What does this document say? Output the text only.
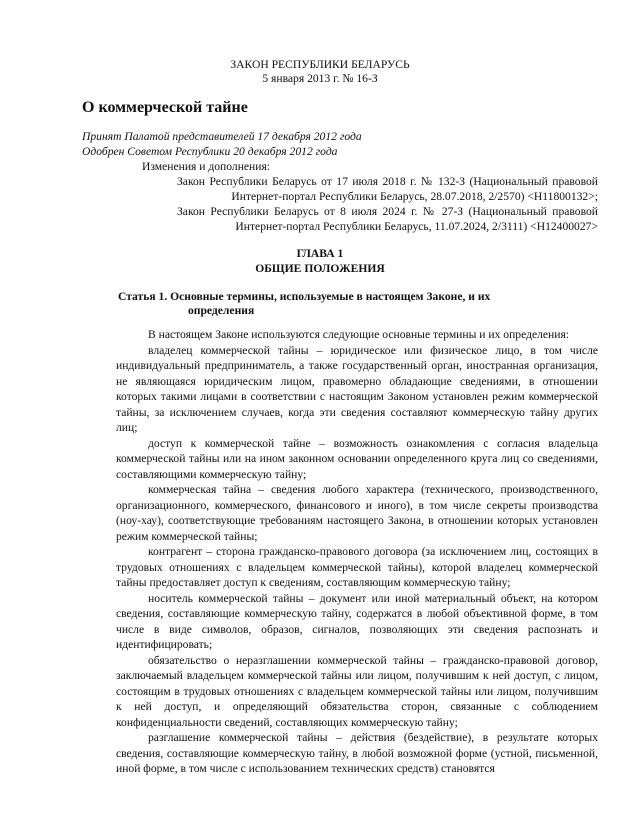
ЗАКОН РЕСПУБЛИКИ БЕЛАРУСЬ
5 января 2013 г. № 16-З
О коммерческой тайне
Принят Палатой представителей 17 декабря 2012 года
Одобрен Советом Республики 20 декабря 2012 года
Изменения и дополнения:

Закон Республики Беларусь от 17 июля 2018 г. № 132-З (Национальный правовой Интернет-портал Республики Беларусь, 28.07.2018, 2/2570) <H11800132>;

Закон Республики Беларусь от 8 июля 2024 г. № 27-З (Национальный правовой Интернет-портал Республики Беларусь, 11.07.2024, 2/3111) <H12400027>

ГЛАВА 1
ОБЩИЕ ПОЛОЖЕНИЯ
Статья 1. Основные термины, используемые в настоящем Законе, и их
определения

В настоящем Законе используются следующие основные термины и их определения:

владелец коммерческой тайны – юридическое или физическое лицо, в том числе индивидуальный предприниматель, а также государственный орган, иностранная организация, не являющаяся юридическим лицом, правомерно обладающие сведениями, в отношении которых такими лицами в соответствии с настоящим Законом установлен режим коммерческой тайны, за исключением случаев, когда эти сведения составляют коммерческую тайну других лиц;

доступ к коммерческой тайне – возможность ознакомления с согласия владельца коммерческой тайны или на ином законном основании определенного круга лиц со сведениями, составляющими коммерческую тайну;

коммерческая тайна – сведения любого характера (технического, производственного, организационного, коммерческого, финансового и иного), в том числе секреты производства (ноу-хау), соответствующие требованиям настоящего Закона, в отношении которых установлен режим коммерческой тайны;

контрагент – сторона гражданско-правового договора (за исключением лиц, состоящих в трудовых отношениях с владельцем коммерческой тайны), которой владелец коммерческой тайны предоставляет доступ к сведениям, составляющим коммерческую тайну;

носитель коммерческой тайны – документ или иной материальный объект, на котором сведения, составляющие коммерческую тайну, содержатся в любой объективной форме, в том числе в виде символов, образов, сигналов, позволяющих эти сведения распознать и идентифицировать;

обязательство о неразглашении коммерческой тайны – гражданско-правовой договор, заключаемый владельцем коммерческой тайны или лицом, получившим к ней доступ, с лицом, состоящим в трудовых отношениях с владельцем коммерческой тайны или лицом, получившим к ней доступ, и определяющий обязательства сторон, связанные с соблюдением конфиденциальности сведений, составляющих коммерческую тайну;

разглашение коммерческой тайны – действия (бездействие), в результате которых сведения, составляющие коммерческую тайну, в любой возможной форме (устной, письменной, иной форме, в том числе с использованием технических средств) становятся
